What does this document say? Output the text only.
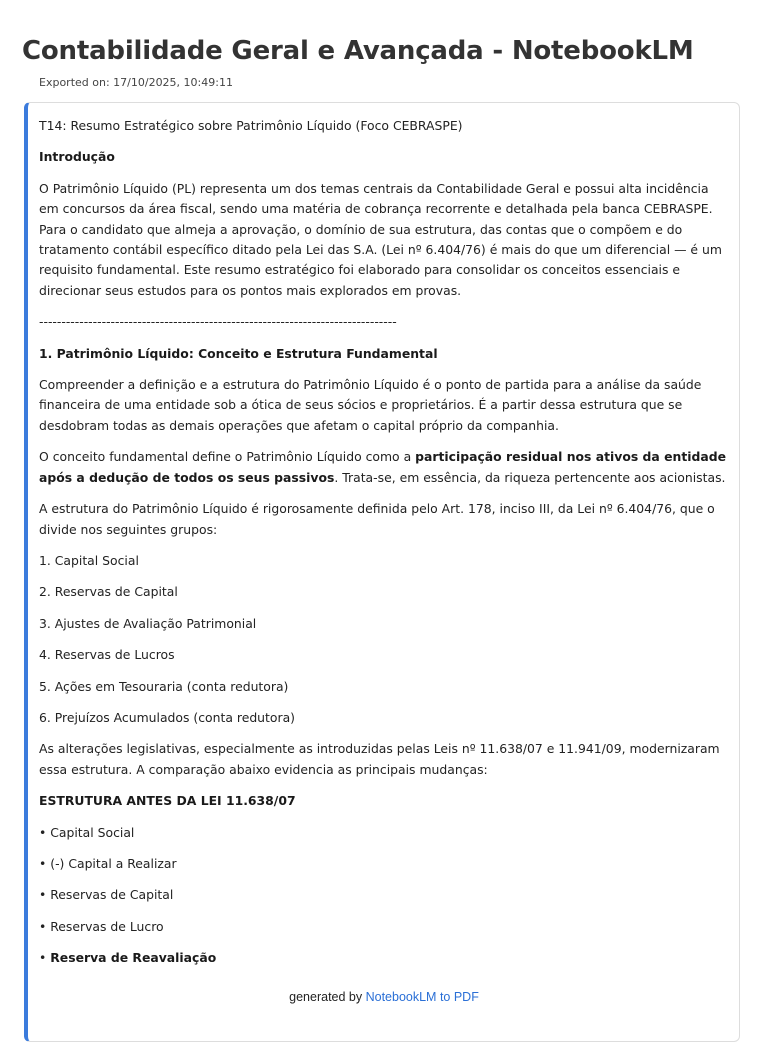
Contabilidade Geral e Avançada - NotebookLM
Exported on: 17/10/2025, 10:49:11

T14: Resumo Estratégico sobre Patrimônio Líquido (Foco CEBRASPE)

Introdução

O Patrimônio Líquido (PL) representa um dos temas centrais da Contabilidade Geral e possui alta incidência em concursos da área fiscal, sendo uma matéria de cobrança recorrente e detalhada pela banca CEBRASPE. Para o candidato que almeja a aprovação, o domínio de sua estrutura, das contas que o compõem e do tratamento contábil específico ditado pela Lei das S.A. (Lei nº 6.404/76) é mais do que um diferencial — é um requisito fundamental. Este resumo estratégico foi elaborado para consolidar os conceitos essenciais e direcionar seus estudos para os pontos mais explorados em provas.

--------------------------------------------------------------------------------

1. Patrimônio Líquido: Conceito e Estrutura Fundamental

Compreender a definição e a estrutura do Patrimônio Líquido é o ponto de partida para a análise da saúde financeira de uma entidade sob a ótica de seus sócios e proprietários. É a partir dessa estrutura que se desdobram todas as demais operações que afetam o capital próprio da companhia.

O conceito fundamental define o Patrimônio Líquido como a participação residual nos ativos da entidade após a dedução de todos os seus passivos. Trata-se, em essência, da riqueza pertencente aos acionistas.

A estrutura do Patrimônio Líquido é rigorosamente definida pelo Art. 178, inciso III, da Lei nº 6.404/76, que o divide nos seguintes grupos:

1. Capital Social
2. Reservas de Capital
3. Ajustes de Avaliação Patrimonial
4. Reservas de Lucros
5. Ações em Tesouraria (conta redutora)
6. Prejuízos Acumulados (conta redutora)

As alterações legislativas, especialmente as introduzidas pelas Leis nº 11.638/07 e 11.941/09, modernizaram essa estrutura. A comparação abaixo evidencia as principais mudanças:

ESTRUTURA ANTES DA LEI 11.638/07

• Capital Social
• (-) Capital a Realizar
• Reservas de Capital
• Reservas de Lucro
• Reserva de Reavaliação
generated by NotebookLM to PDF
